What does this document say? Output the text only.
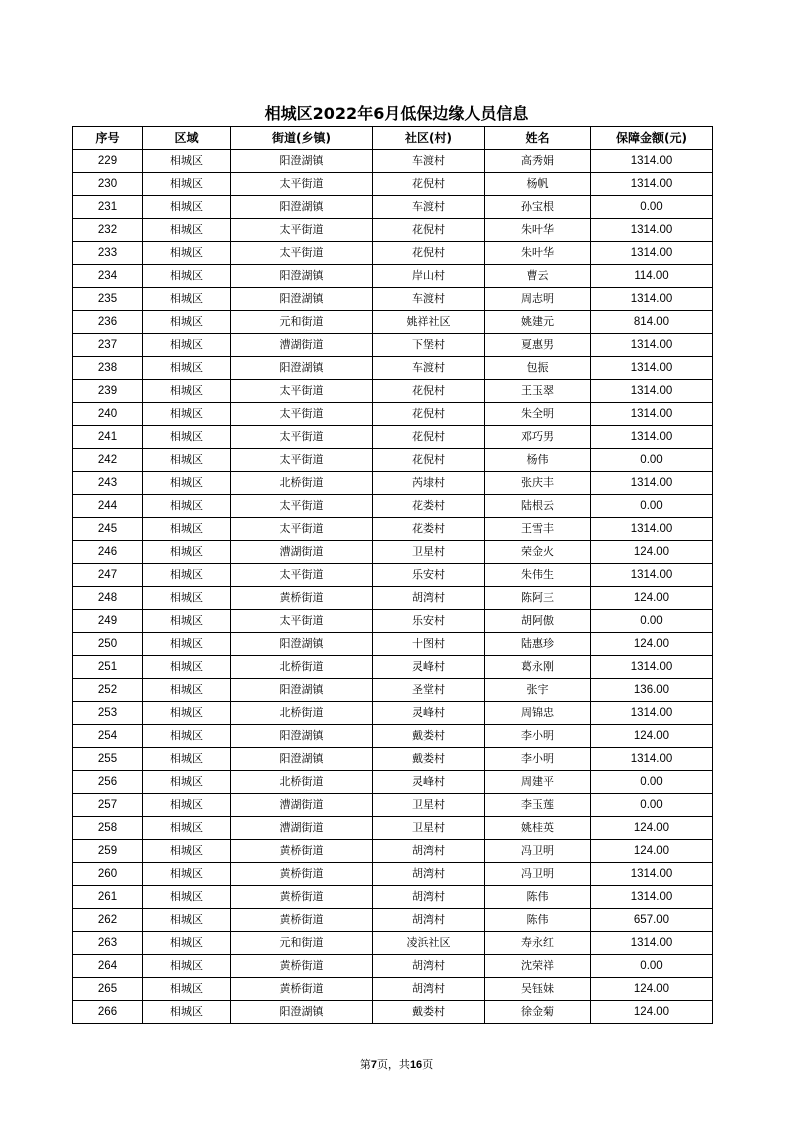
相城区2022年6月低保边缘人员信息
序号	区域	街道(乡镇)	社区(村)	姓名	保障金额(元)
229	相城区	阳澄湖镇	车渡村	高秀娟	1314.00
230	相城区	太平街道	花倪村	杨帆	1314.00
231	相城区	阳澄湖镇	车渡村	孙宝根	0.00
232	相城区	太平街道	花倪村	朱叶华	1314.00
233	相城区	太平街道	花倪村	朱叶华	1314.00
234	相城区	阳澄湖镇	岸山村	曹云	114.00
235	相城区	阳澄湖镇	车渡村	周志明	1314.00
236	相城区	元和街道	姚祥社区	姚建元	814.00
237	相城区	漕湖街道	下堡村	夏惠男	1314.00
238	相城区	阳澄湖镇	车渡村	包振	1314.00
239	相城区	太平街道	花倪村	王玉翠	1314.00
240	相城区	太平街道	花倪村	朱全明	1314.00
241	相城区	太平街道	花倪村	邓巧男	1314.00
242	相城区	太平街道	花倪村	杨伟	0.00
243	相城区	北桥街道	芮埭村	张庆丰	1314.00
244	相城区	太平街道	花娄村	陆根云	0.00
245	相城区	太平街道	花娄村	王雪丰	1314.00
246	相城区	漕湖街道	卫星村	荣金火	124.00
247	相城区	太平街道	乐安村	朱伟生	1314.00
248	相城区	黄桥街道	胡湾村	陈阿三	124.00
249	相城区	太平街道	乐安村	胡阿傲	0.00
250	相城区	阳澄湖镇	十图村	陆惠珍	124.00
251	相城区	北桥街道	灵峰村	葛永刚	1314.00
252	相城区	阳澄湖镇	圣堂村	张宇	136.00
253	相城区	北桥街道	灵峰村	周锦忠	1314.00
254	相城区	阳澄湖镇	戴娄村	李小明	124.00
255	相城区	阳澄湖镇	戴娄村	李小明	1314.00
256	相城区	北桥街道	灵峰村	周建平	0.00
257	相城区	漕湖街道	卫星村	李玉莲	0.00
258	相城区	漕湖街道	卫星村	姚桂英	124.00
259	相城区	黄桥街道	胡湾村	冯卫明	124.00
260	相城区	黄桥街道	胡湾村	冯卫明	1314.00
261	相城区	黄桥街道	胡湾村	陈伟	1314.00
262	相城区	黄桥街道	胡湾村	陈伟	657.00
263	相城区	元和街道	凌浜社区	寿永红	1314.00
264	相城区	黄桥街道	胡湾村	沈荣祥	0.00
265	相城区	黄桥街道	胡湾村	吴钰妹	124.00
266	相城区	阳澄湖镇	戴娄村	徐金菊	124.00
第7页，共16页
